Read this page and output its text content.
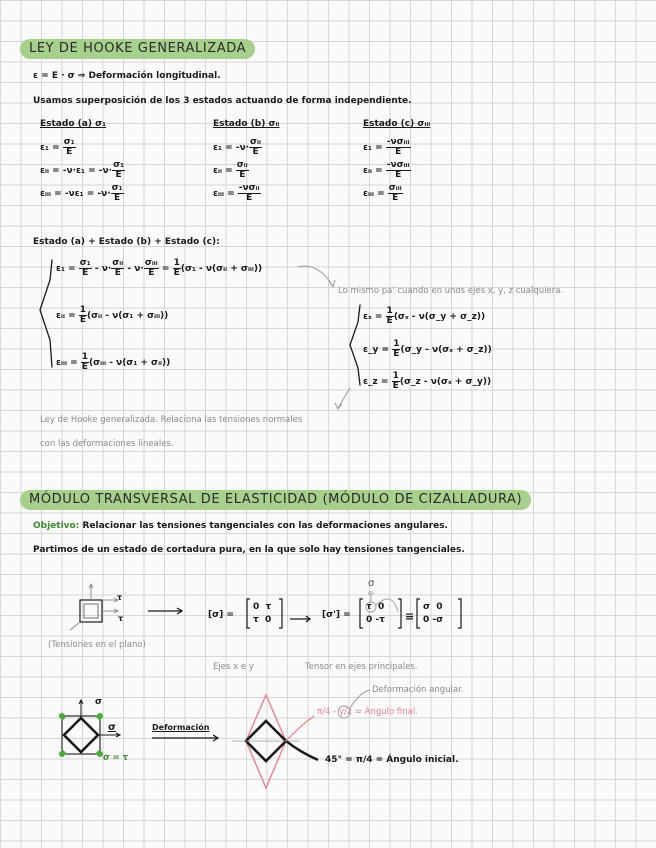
LEY DE HOOKE GENERALIZADA
ε = E · σ ⇒ Deformación longitudinal.
Usamos superposición de los 3 estados actuando de forma independiente.
Estado (a) σ₁
$\varepsilon_1 = \frac{\text{σ₁}}{E}$
εᵢᵢ = $-\nu\cdot\varepsilon_1 = -\nu\cdot \frac{\text{σ₁}}{E}$
εᵢᵢᵢ = $-\nu\varepsilon_1 = -\nu\cdot \frac{\text{σ₁}}{E}$
Estado (b) σᵢᵢ
$\varepsilon_1 = -\nu\cdot \frac{\text{σᵢᵢ}}{E}$
εᵢᵢ = $\frac{\text{σᵢᵢ}}{E}$
εᵢᵢᵢ = $\frac{\text{-νσᵢᵢ}}{E}$
Estado (c) σᵢᵢᵢ
$\varepsilon_1 = \frac{\text{-νσᵢᵢᵢ}}{E}$
εᵢᵢ = $\frac{\text{-νσᵢᵢᵢ}}{E}$
εᵢᵢᵢ = $\frac{\text{σᵢᵢᵢ}}{E}$
Estado (a) + Estado (b) + Estado (c):
$\varepsilon_1 = \frac{\text{σ₁}}{E} - \nu\cdot \frac{\text{σᵢᵢ}}{E} - \nu\cdot \frac{\text{σᵢᵢᵢ}}{E} = \frac{1}{E} (\sigma_1$ - ν(σᵢᵢ + σᵢᵢᵢ))
εᵢᵢ = $\frac{1}{E}$ (σᵢᵢ - ν(σ₁ + σᵢᵢᵢ))
εᵢᵢᵢ = $\frac{1}{E}$ (σᵢᵢᵢ - ν(σ₁ + σᵢᵢ))
Lo mismo pa' cuando en unos ejes x, y, z cualquiera.
$\varepsilon_x = \frac{1}{E} (\sigma_x$ - ν(σ_y + σ_z))
ε_y = $\frac{1}{E}$ (σ_y - ν(σₓ + σ_z))
ε_z = $\frac{1}{E}$ (σ_z - ν(σₓ + σ_y))
Ley de Hooke generalizada. Relaciona las tensiones normales
con las deformaciones lineales.
MÓDULO TRANSVERSAL DE ELASTICIDAD (MÓDULO DE CIZALLADURA)
Objetivo: Relacionar las tensiones tangenciales con las deformaciones angulares.
Partimos de un estado de cortadura pura, en la que solo hay tensiones tangenciales.
(Tensiones en el plano)
τ
τ	[σ] =
0 τ
τ 0	[σ'] =
τ 0
0 -τ	≡
σ 0
0 -σ
σ
σ₁
Ejes x e y	Tensor en ejes principales.
Deformación
Deformación angular.
π/4 - γ/2 = Ángulo final.
45° = π/4 = Ángulo inicial.
σ
σ
σ = τ
